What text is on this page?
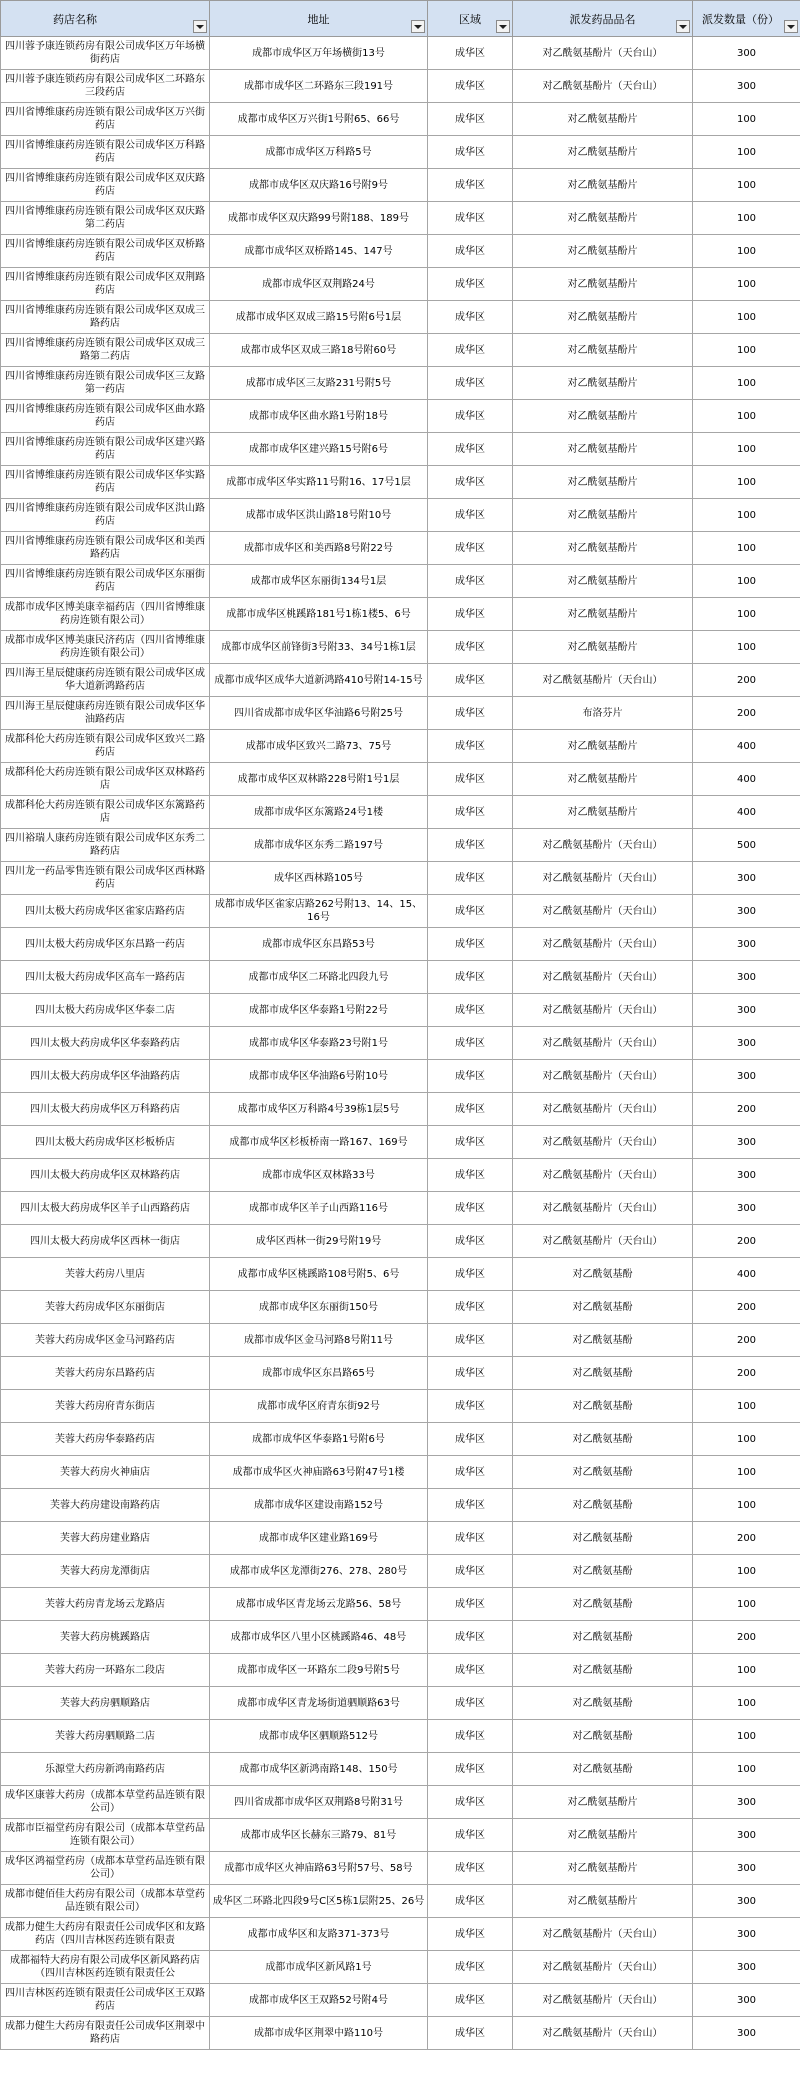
药店名称	地址	区域	派发药品品名	派发数量（份）

四川蓉予康连锁药房有限公司成华区万年场横街药店	成都市成华区万年场横街13号	成华区	对乙酰氨基酚片（天台山）	300
四川蓉予康连锁药房有限公司成华区二环路东三段药店	成都市成华区二环路东三段191号	成华区	对乙酰氨基酚片（天台山）	300
四川省博维康药房连锁有限公司成华区万兴街药店	成都市成华区万兴街1号附65、66号	成华区	对乙酰氨基酚片	100
四川省博维康药房连锁有限公司成华区万科路药店	成都市成华区万科路5号	成华区	对乙酰氨基酚片	100
四川省博维康药房连锁有限公司成华区双庆路药店	成都市成华区双庆路16号附9号	成华区	对乙酰氨基酚片	100
四川省博维康药房连锁有限公司成华区双庆路第二药店	成都市成华区双庆路99号附188、189号	成华区	对乙酰氨基酚片	100
四川省博维康药房连锁有限公司成华区双桥路药店	成都市成华区双桥路145、147号	成华区	对乙酰氨基酚片	100
四川省博维康药房连锁有限公司成华区双荆路药店	成都市成华区双荆路24号	成华区	对乙酰氨基酚片	100
四川省博维康药房连锁有限公司成华区双成三路药店	成都市成华区双成三路15号附6号1层	成华区	对乙酰氨基酚片	100
四川省博维康药房连锁有限公司成华区双成三路第二药店	成都市成华区双成三路18号附60号	成华区	对乙酰氨基酚片	100
四川省博维康药房连锁有限公司成华区三友路第一药店	成都市成华区三友路231号附5号	成华区	对乙酰氨基酚片	100
四川省博维康药房连锁有限公司成华区曲水路药店	成都市成华区曲水路1号附18号	成华区	对乙酰氨基酚片	100
四川省博维康药房连锁有限公司成华区建兴路药店	成都市成华区建兴路15号附6号	成华区	对乙酰氨基酚片	100
四川省博维康药房连锁有限公司成华区华实路药店	成都市成华区华实路11号附16、17号1层	成华区	对乙酰氨基酚片	100
四川省博维康药房连锁有限公司成华区洪山路药店	成都市成华区洪山路18号附10号	成华区	对乙酰氨基酚片	100
四川省博维康药房连锁有限公司成华区和美西路药店	成都市成华区和美西路8号附22号	成华区	对乙酰氨基酚片	100
四川省博维康药房连锁有限公司成华区东丽街药店	成都市成华区东丽街134号1层	成华区	对乙酰氨基酚片	100
成都市成华区博美康幸福药店（四川省博维康药房连锁有限公司）	成都市成华区桃蹊路181号1栋1楼5、6号	成华区	对乙酰氨基酚片	100
成都市成华区博美康民济药店（四川省博维康药房连锁有限公司）	成都市成华区前锋街3号附33、34号1栋1层	成华区	对乙酰氨基酚片	100
四川海王星辰健康药房连锁有限公司成华区成华大道新鸿路药店	成都市成华区成华大道新鸿路410号附14-15号	成华区	对乙酰氨基酚片（天台山）	200
四川海王星辰健康药房连锁有限公司成华区华油路药店	四川省成都市成华区华油路6号附25号	成华区	布洛芬片	200
成都科伦大药房连锁有限公司成华区致兴二路药店	成都市成华区致兴二路73、75号	成华区	对乙酰氨基酚片	400
成都科伦大药房连锁有限公司成华区双林路药店	成都市成华区双林路228号附1号1层	成华区	对乙酰氨基酚片	400
成都科伦大药房连锁有限公司成华区东篱路药店	成都市成华区东篱路24号1楼	成华区	对乙酰氨基酚片	400
四川裕瑞人康药房连锁有限公司成华区东秀二路药店	成都市成华区东秀二路197号	成华区	对乙酰氨基酚片（天台山）	500
四川龙一药品零售连锁有限公司成华区西林路药店	成华区西林路105号	成华区	对乙酰氨基酚片（天台山）	300
四川太极大药房成华区雀家店路药店	成都市成华区雀家店路262号附13、14、15、16号	成华区	对乙酰氨基酚片（天台山）	300
四川太极大药房成华区东昌路一药店	成都市成华区东昌路53号	成华区	对乙酰氨基酚片（天台山）	300
四川太极大药房成华区高车一路药店	成都市成华区二环路北四段九号	成华区	对乙酰氨基酚片（天台山）	300
四川太极大药房成华区华泰二店	成都市成华区华泰路1号附22号	成华区	对乙酰氨基酚片（天台山）	300
四川太极大药房成华区华泰路药店	成都市成华区华泰路23号附1号	成华区	对乙酰氨基酚片（天台山）	300
四川太极大药房成华区华油路药店	成都市成华区华油路6号附10号	成华区	对乙酰氨基酚片（天台山）	300
四川太极大药房成华区万科路药店	成都市成华区万科路4号39栋1层5号	成华区	对乙酰氨基酚片（天台山）	200
四川太极大药房成华区杉板桥店	成都市成华区杉板桥南一路167、169号	成华区	对乙酰氨基酚片（天台山）	300
四川太极大药房成华区双林路药店	成都市成华区双林路33号	成华区	对乙酰氨基酚片（天台山）	300
四川太极大药房成华区羊子山西路药店	成都市成华区羊子山西路116号	成华区	对乙酰氨基酚片（天台山）	300
四川太极大药房成华区西林一街店	成华区西林一街29号附19号	成华区	对乙酰氨基酚片（天台山）	200
芙蓉大药房八里店	成都市成华区桃蹊路108号附5、6号	成华区	对乙酰氨基酚	400
芙蓉大药房成华区东丽街店	成都市成华区东丽街150号	成华区	对乙酰氨基酚	200
芙蓉大药房成华区金马河路药店	成都市成华区金马河路8号附11号	成华区	对乙酰氨基酚	200
芙蓉大药房东昌路药店	成都市成华区东昌路65号	成华区	对乙酰氨基酚	200
芙蓉大药房府青东街店	成都市成华区府青东街92号	成华区	对乙酰氨基酚	100
芙蓉大药房华泰路药店	成都市成华区华泰路1号附6号	成华区	对乙酰氨基酚	100
芙蓉大药房火神庙店	成都市成华区火神庙路63号附47号1楼	成华区	对乙酰氨基酚	100
芙蓉大药房建设南路药店	成都市成华区建设南路152号	成华区	对乙酰氨基酚	100
芙蓉大药房建业路店	成都市成华区建业路169号	成华区	对乙酰氨基酚	200
芙蓉大药房龙潭街店	成都市成华区龙潭街276、278、280号	成华区	对乙酰氨基酚	100
芙蓉大药房青龙场云龙路店	成都市成华区青龙场云龙路56、58号	成华区	对乙酰氨基酚	100
芙蓉大药房桃蹊路店	成都市成华区八里小区桃蹊路46、48号	成华区	对乙酰氨基酚	200
芙蓉大药房一环路东二段店	成都市成华区一环路东二段9号附5号	成华区	对乙酰氨基酚	100
芙蓉大药房驷顺路店	成都市成华区青龙场街道驷顺路63号	成华区	对乙酰氨基酚	100
芙蓉大药房驷顺路二店	成都市成华区驷顺路512号	成华区	对乙酰氨基酚	100
乐源堂大药房新鸿南路药店	成都市成华区新鸿南路148、150号	成华区	对乙酰氨基酚	100
成华区康蓉大药房（成都本草堂药品连锁有限公司）	四川省成都市成华区双荆路8号附31号	成华区	对乙酰氨基酚片	300
成都市臣福堂药房有限公司（成都本草堂药品连锁有限公司）	成都市成华区长赫东三路79、81号	成华区	对乙酰氨基酚片	300
成华区鸿福堂药房（成都本草堂药品连锁有限公司）	成都市成华区火神庙路63号附57号、58号	成华区	对乙酰氨基酚片	300
成都市健佰佳大药房有限公司（成都本草堂药品连锁有限公司）	成华区二环路北四段9号C区5栋1层附25、26号	成华区	对乙酰氨基酚片	300
成都力健生大药房有限责任公司成华区和友路药店（四川吉林医药连锁有限责	成都市成华区和友路371-373号	成华区	对乙酰氨基酚片（天台山）	300
成都福特大药房有限公司成华区新风路药店（四川吉林医药连锁有限责任公	成都市成华区新风路1号	成华区	对乙酰氨基酚片（天台山）	300
四川吉林医药连锁有限责任公司成华区王双路药店	成都市成华区王双路52号附4号	成华区	对乙酰氨基酚片（天台山）	300
成都力健生大药房有限责任公司成华区荆翠中路药店	成都市成华区荆翠中路110号	成华区	对乙酰氨基酚片（天台山）	300
